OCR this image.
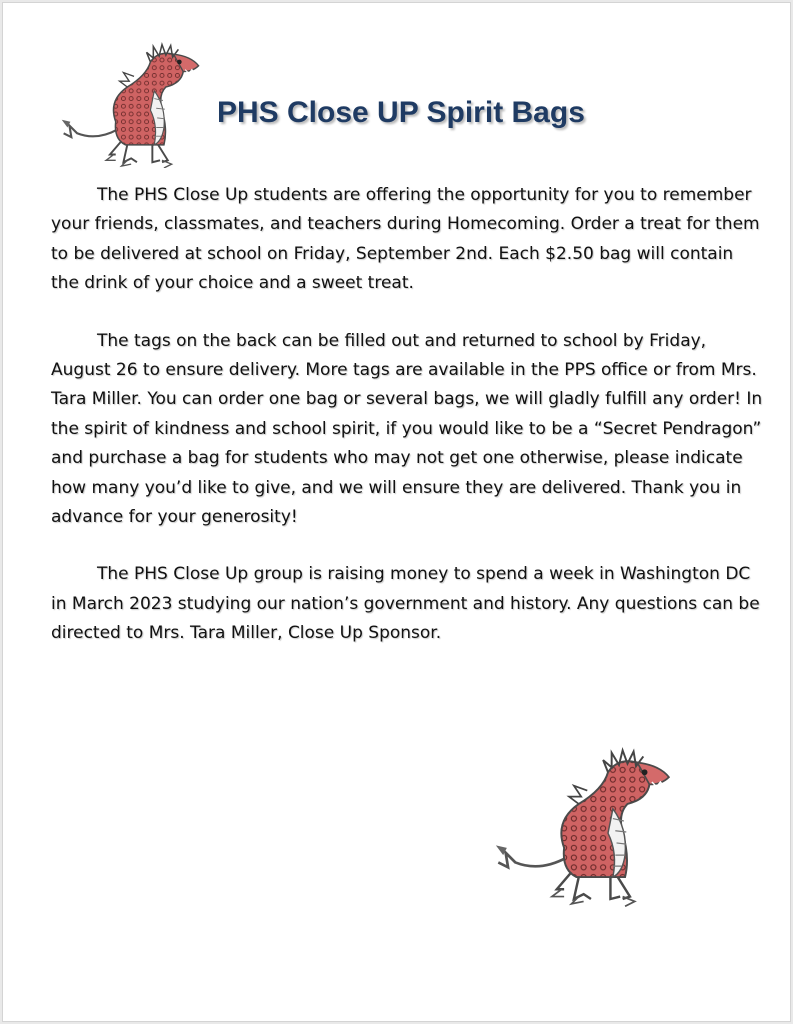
PHS Close UP Spirit Bags

The PHS Close Up students are offering the opportunity for you to remember your friends, classmates, and teachers during Homecoming. Order a treat for them to be delivered at school on Friday, September 2nd. Each $2.50 bag will contain the drink of your choice and a sweet treat.

The tags on the back can be filled out and returned to school by Friday, August 26 to ensure delivery. More tags are available in the PPS office or from Mrs. Tara Miller. You can order one bag or several bags, we will gladly fulfill any order! In the spirit of kindness and school spirit, if you would like to be a “Secret Pendragon” and purchase a bag for students who may not get one otherwise, please indicate how many you’d like to give, and we will ensure they are delivered. Thank you in advance for your generosity!

The PHS Close Up group is raising money to spend a week in Washington DC in March 2023 studying our nation’s government and history. Any questions can be directed to Mrs. Tara Miller, Close Up Sponsor.
